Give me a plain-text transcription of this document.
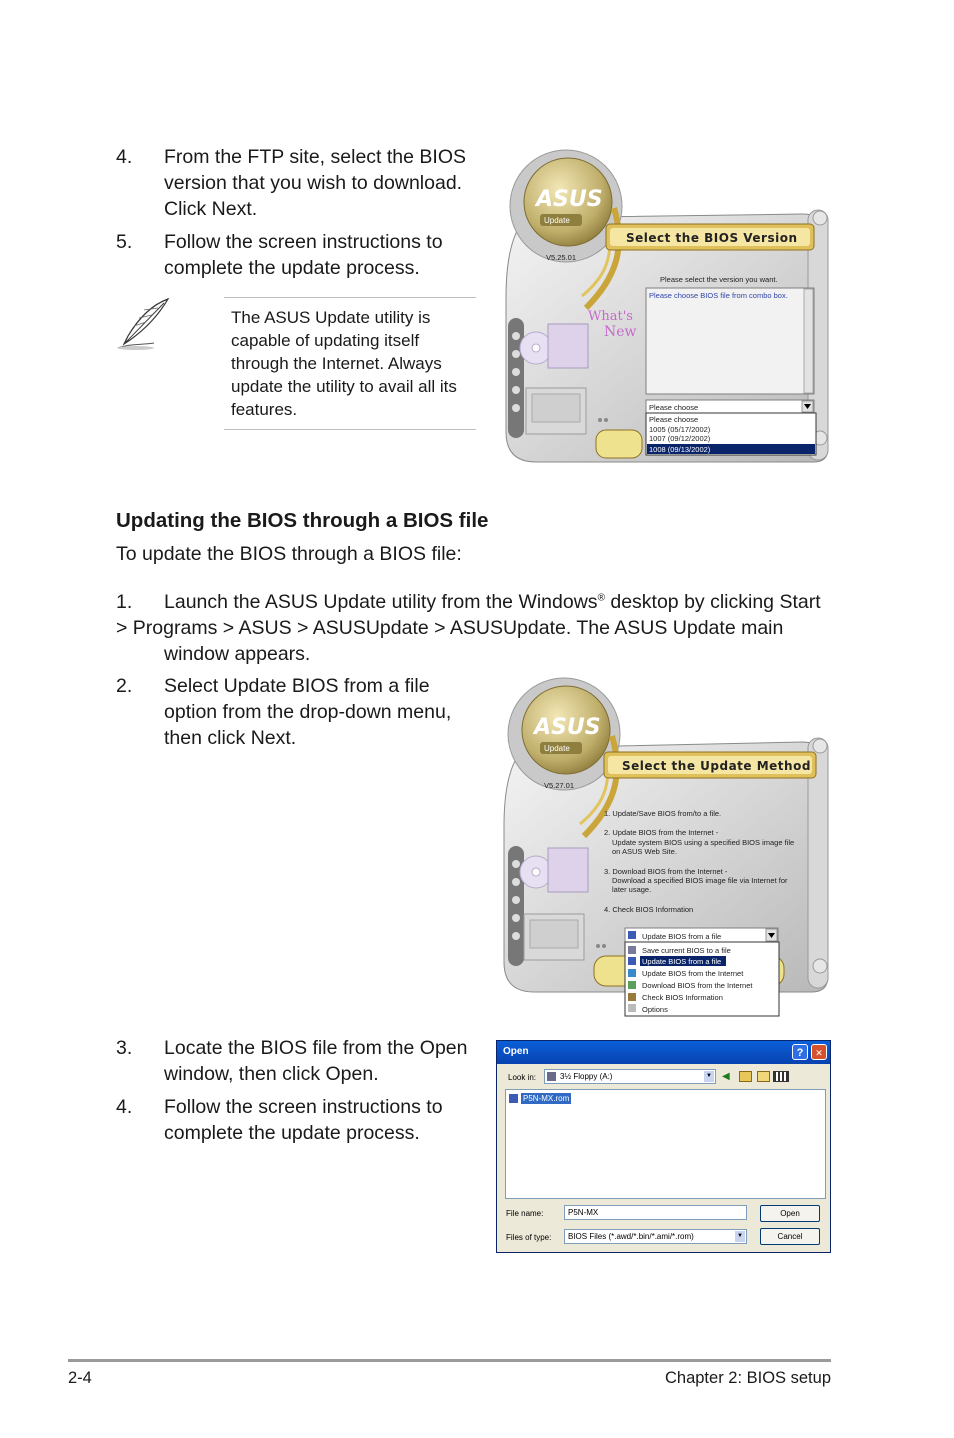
4. From the FTP site, select the BIOS
version that you wish to download.
Click Next.
5. Follow the screen instructions to
complete the update process.
The ASUS Update utility is
capable of updating itself
through the Internet. Always
update the utility to avail all its
features.
ASUS
Update
V5.25.01
Select the BIOS Version
What's
New
Please select the version you want.
Please choose BIOS file from combo box.
Please choose
Please choose
1005 (05/17/2002)
1007 (09/12/2002)
1008 (09/13/2002)
Updating the BIOS through a BIOS file
To update the BIOS through a BIOS file:
1. Launch the ASUS Update utility from the Windows® desktop by clicking Start
> Programs > ASUS > ASUSUpdate > ASUSUpdate. The ASUS Update main
window appears.
2. Select Update BIOS from a file
option from the drop-down menu,
then click Next.	ASUS
Update
V5.27.01
Select the Update Method
1. Update/Save BIOS from/to a file.
2. Update BIOS from the Internet -
Update system BIOS using a specified BIOS image file
on ASUS Web Site.
3. Download BIOS from the Internet -
Download a specified BIOS image file via Internet for
later usage.
4. Check BIOS Information
Update BIOS from a file
Save current BIOS to a file
Update BIOS from a file
Update BIOS from the Internet
Download BIOS from the Internet
Check BIOS Information
Options
3. Locate the BIOS file from the Open
window, then click Open.
4. Follow the screen instructions to
complete the update process.
Open	?	✕
Look in:	3½ Floppy (A:)	▼ ◀
P5N-MX.rom
File name:	P5N-MX
Files of type: BIOS Files (*.awd/*.bin/*.ami/*.rom)	▼
Open
Cancel
2-4	Chapter 2: BIOS setup
